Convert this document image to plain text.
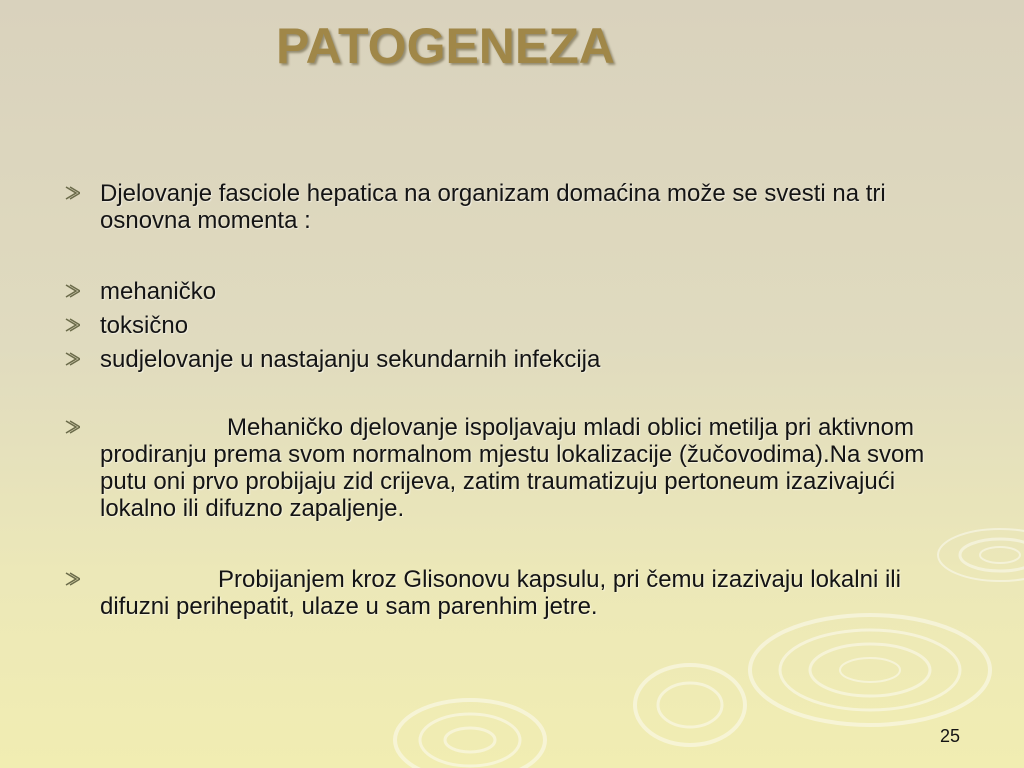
PATOGENEZA
Djelovanje fasciole hepatica na organizam domaćina može se svesti na tri osnovna momenta :
mehaničko
toksično
sudjelovanje u nastajanju sekundarnih infekcija
Mehaničko djelovanje ispoljavaju mladi oblici metilja pri aktivnom prodiranju prema svom normalnom mjestu lokalizacije (žučovodima).Na svom putu oni prvo probijaju zid crijeva, zatim traumatizuju pertoneum izazivajući lokalno ili difuzno zapaljenje.
Probijanjem kroz Glisonovu kapsulu, pri čemu izazivaju lokalni ili difuzni perihepatit, ulaze u sam parenhim jetre.
25
